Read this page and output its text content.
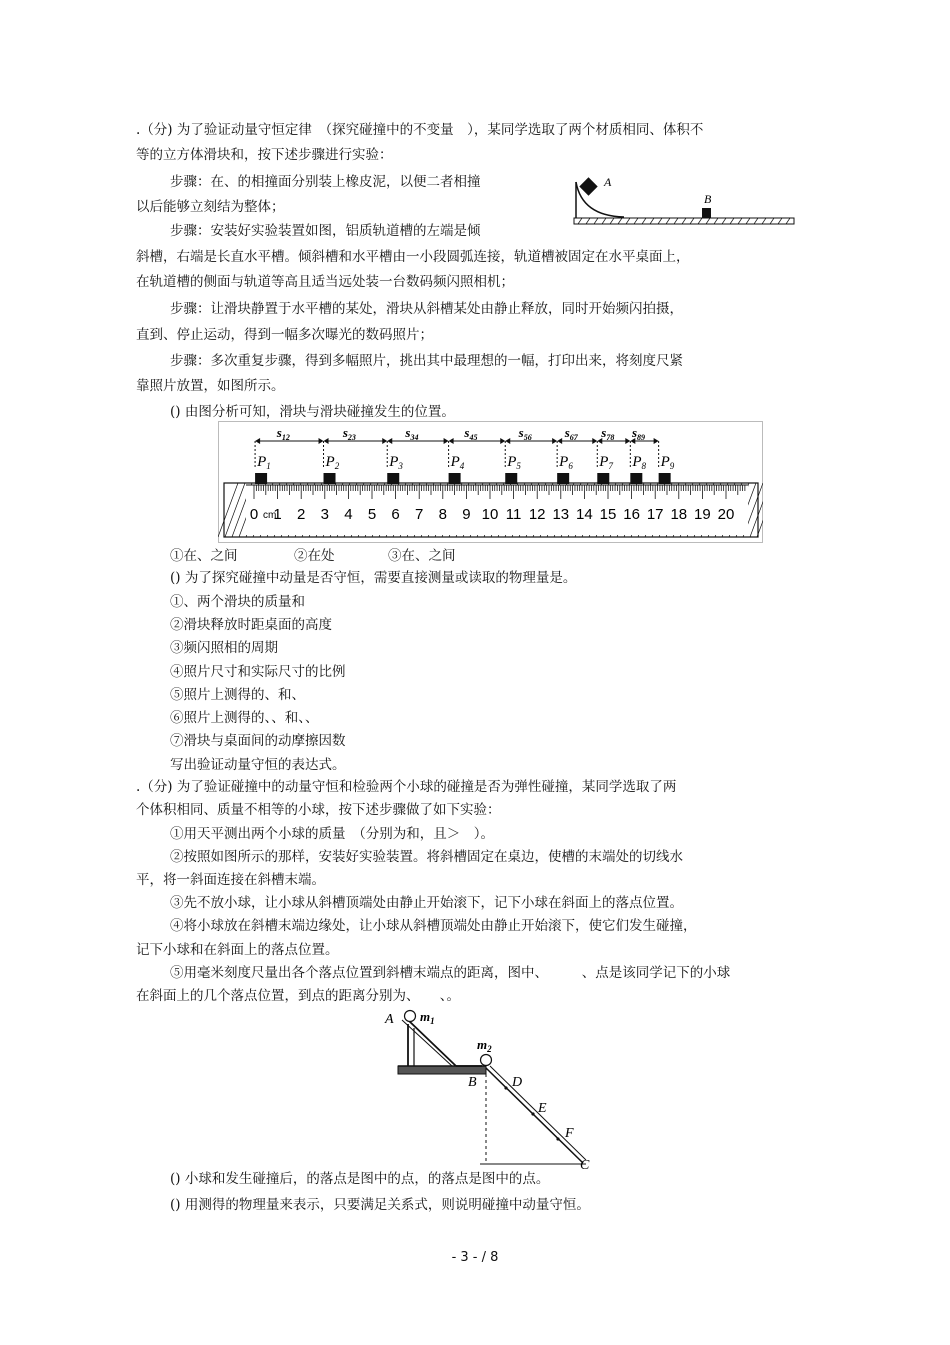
.（分) 为了验证动量守恒定律　（探究碰撞中的不变量　），某同学选取了两个材质相同、体积不
等的立方体滑块和，按下述步骤进行实验：
步骤：在、的相撞面分别装上橡皮泥，以便二者相撞
以后能够立刻结为整体；
步骤：安装好实验装置如图，铝质轨道槽的左端是倾
斜槽，右端是长直水平槽。倾斜槽和水平槽由一小段圆弧连接，轨道槽被固定在水平桌面上，
在轨道槽的侧面与轨道等高且适当远处装一台数码频闪照相机；
步骤：让滑块静置于水平槽的某处，滑块从斜槽某处由静止释放，同时开始频闪拍摄，
直到、停止运动，得到一幅多次曝光的数码照片；
步骤：多次重复步骤，得到多幅照片，挑出其中最理想的一幅，打印出来，将刻度尺紧
靠照片放置，如图所示。
() 由图分析可知，滑块与滑块碰撞发生的位置。
A
B
$s_{12}$	$s_{23}$	$s_{34}$	$s_{45}$	$s_{56}$	$s_{67}$ $s_{78}$ $s_{89}$
$P_1$	$P_2$	$P_3$	$P_4$	$P_5$	$P_6$ $P_7$ $P_8$ $P_9$
0 1 2 3 4 5 6 7 8 9 10 11 12 13 14 15 16 17 18 19 20
cm
①在、之间	②在处	③在、之间
() 为了探究碰撞中动量是否守恒，需要直接测量或读取的物理量是。
①、两个滑块的质量和
②滑块释放时距桌面的高度
③频闪照相的周期
④照片尺寸和实际尺寸的比例
⑤照片上测得的、和、
⑥照片上测得的、、和、、
⑦滑块与桌面间的动摩擦因数
写出验证动量守恒的表达式。
.（分) 为了验证碰撞中的动量守恒和检验两个小球的碰撞是否为弹性碰撞，某同学选取了两
个体积相同、质量不相等的小球，按下述步骤做了如下实验：
①用天平测出两个小球的质量　（分别为和，且＞　）。
②按照如图所示的那样，安装好实验装置。将斜槽固定在桌边，使槽的末端处的切线水
平，将一斜面连接在斜槽末端。
③先不放小球，让小球从斜槽顶端处由静止开始滚下，记下小球在斜面上的落点位置。
④将小球放在斜槽末端边缘处，让小球从斜槽顶端处由静止开始滚下，使它们发生碰撞，
记下小球和在斜面上的落点位置。
⑤用毫米刻度尺量出各个落点位置到斜槽末端点的距离，图中、　　　、点是该同学记下的小球
在斜面上的几个落点位置，到点的距离分别为、　　、。
A $m_1$
$m_2$
B	D
E
F
C
() 小球和发生碰撞后，的落点是图中的点，的落点是图中的点。
() 用测得的物理量来表示，只要满足关系式，则说明碰撞中动量守恒。
- 3 - / 8
